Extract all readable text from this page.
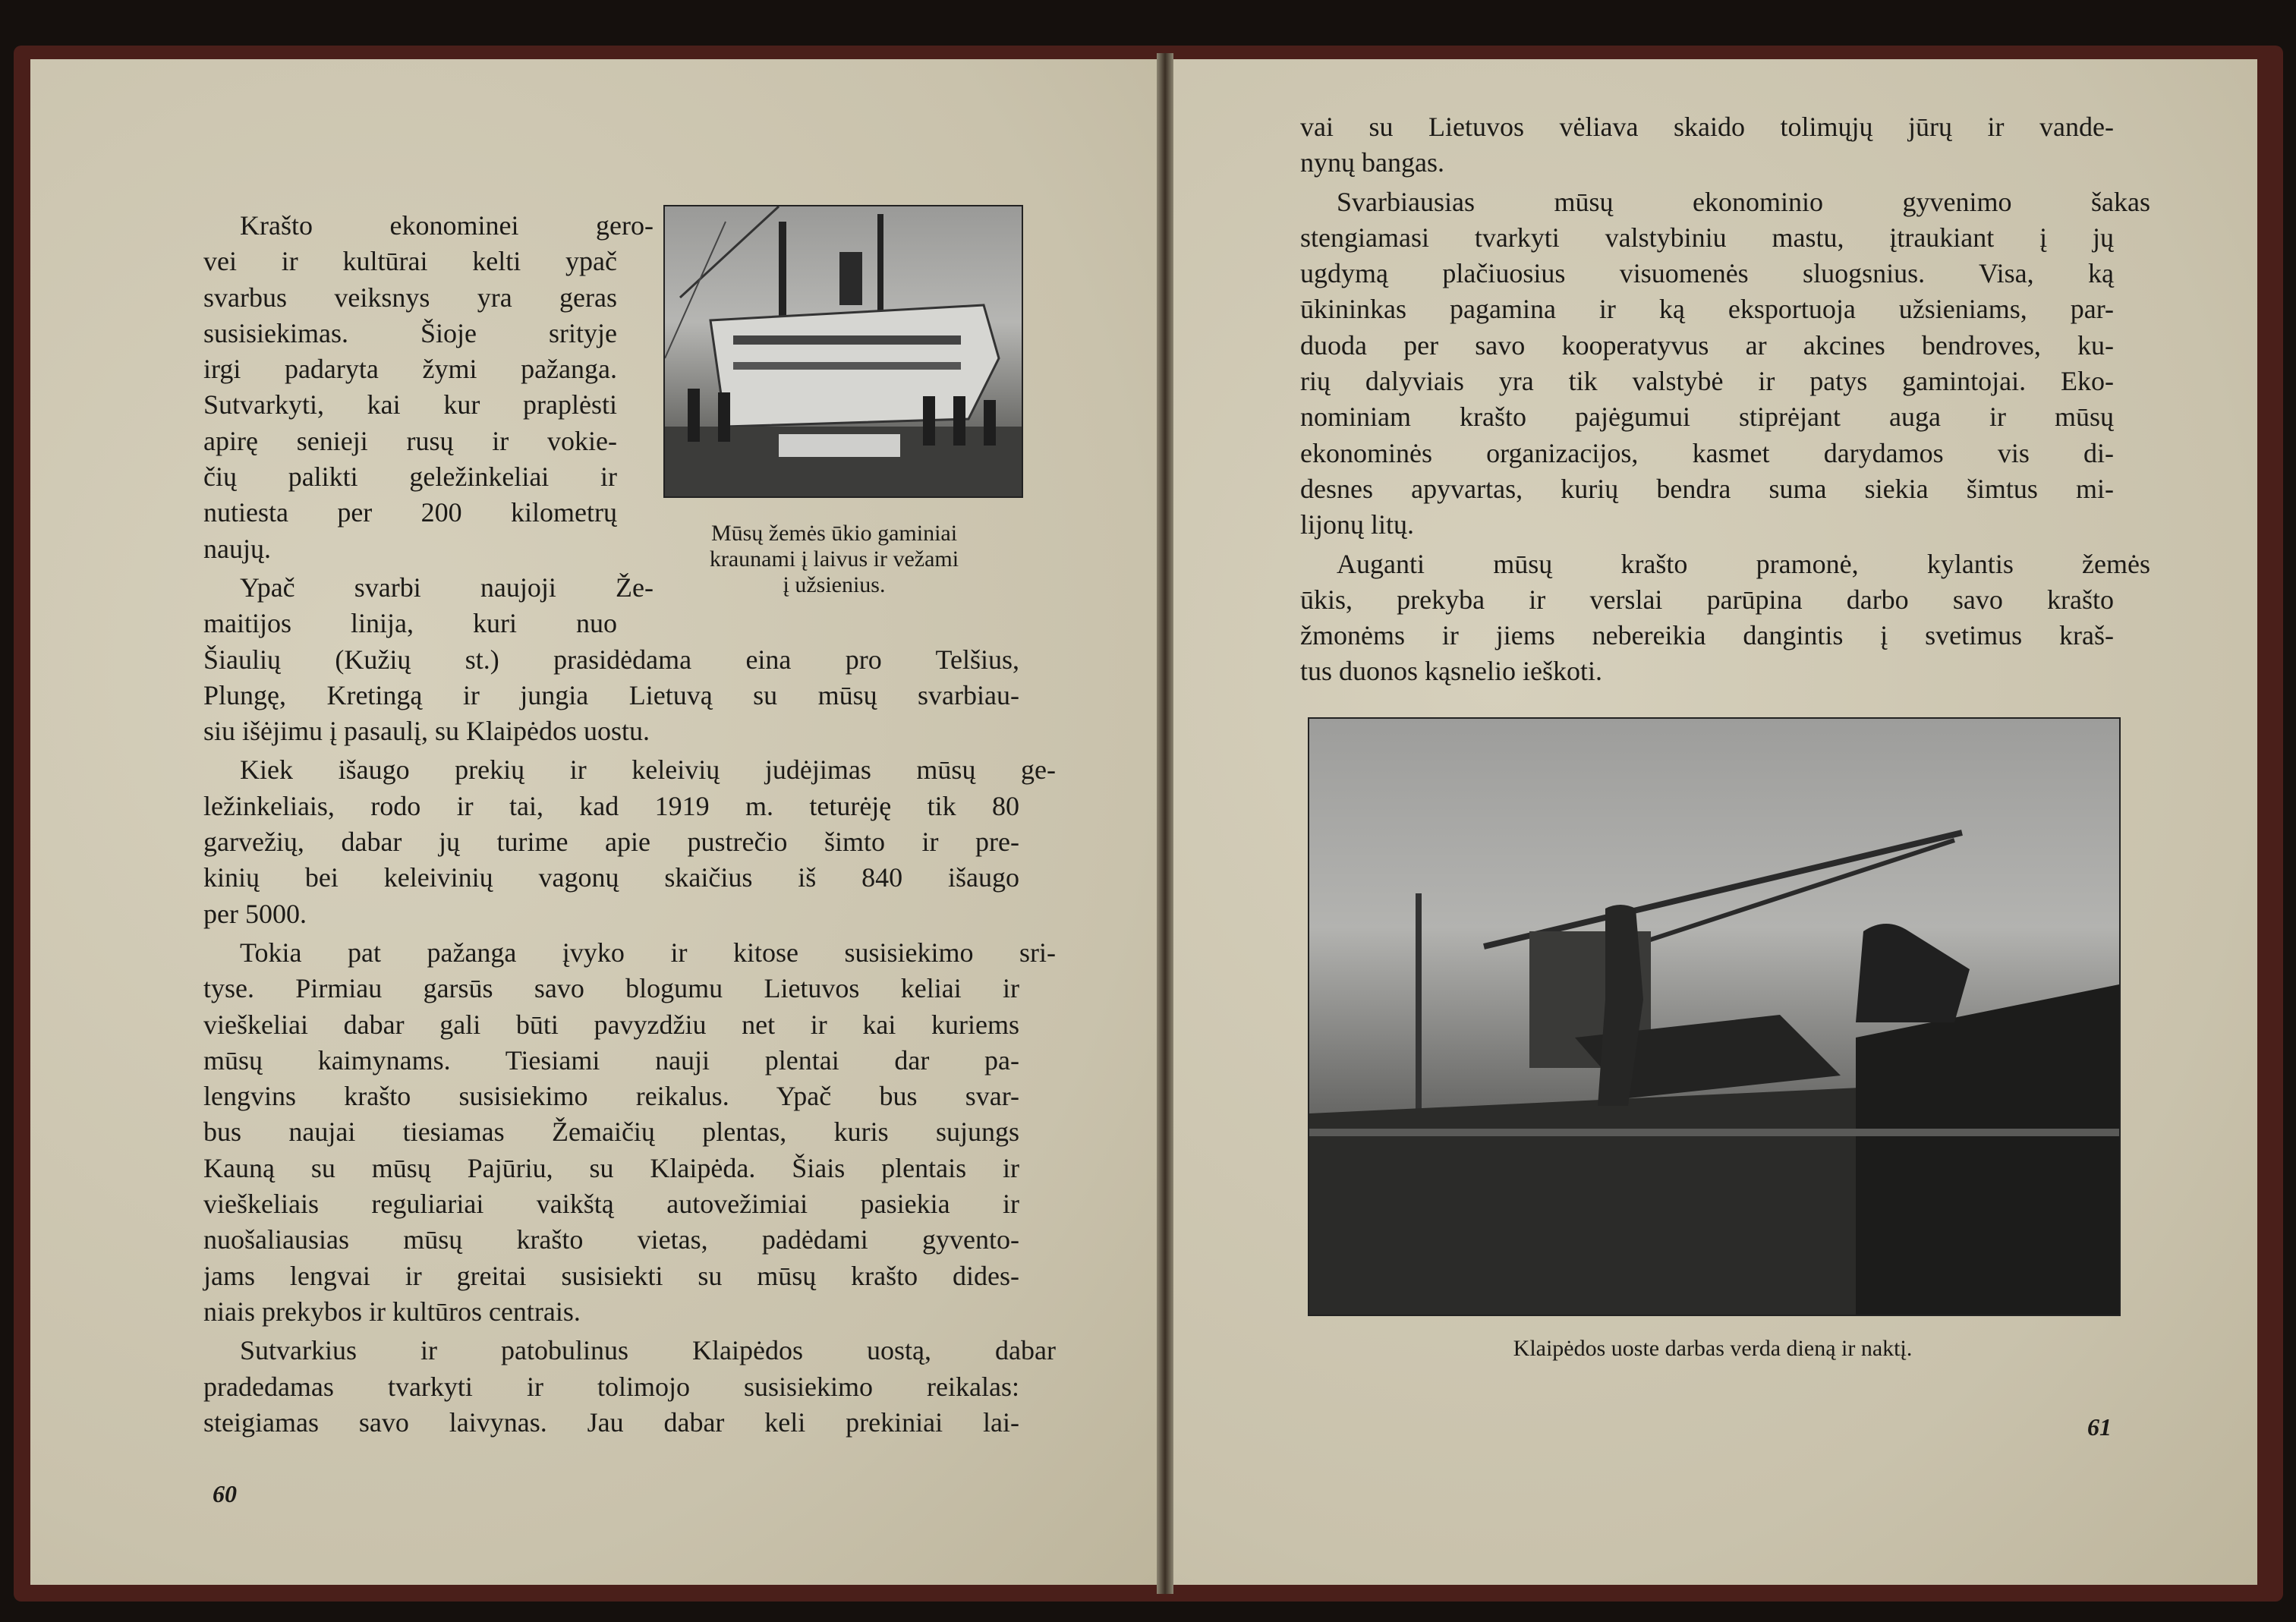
Krašto ekonominei gero-
vei ir kultūrai kelti ypač
svarbus veiksnys yra geras
susisiekimas. Šioje srityje
irgi padaryta žymi pažanga.
Sutvarkyti, kai kur praplėsti
apirę senieji rusų ir vokie-
čių palikti geležinkeliai ir
nutiesta per 200 kilometrų
naujų.
Ypač svarbi naujoji Že-
maitijos linija, kuri nuo
Šiaulių (Kužių st.) prasidėdama eina pro Telšius,
Plungę, Kretingą ir jungia Lietuvą su mūsų svarbiau-
siu išėjimu į pasaulį, su Klaipėdos uostu.
Kiek išaugo prekių ir keleivių judėjimas mūsų ge-
ležinkeliais, rodo ir tai, kad 1919 m. teturėję tik 80
garvežių, dabar jų turime apie pustrečio šimto ir pre-
kinių bei keleivinių vagonų skaičius iš 840 išaugo
per 5000.
Tokia pat pažanga įvyko ir kitose susisiekimo sri-
tyse. Pirmiau garsūs savo blogumu Lietuvos keliai ir
vieškeliai dabar gali būti pavyzdžiu net ir kai kuriems
mūsų kaimynams. Tiesiami nauji plentai dar pa-
lengvins krašto susisiekimo reikalus. Ypač bus svar-
bus naujai tiesiamas Žemaičių plentas, kuris sujungs
Kauną su mūsų Pajūriu, su Klaipėda. Šiais plentais ir
vieškeliais reguliariai vaikštą autovežimiai pasiekia ir
nuošaliausias mūsų krašto vietas, padėdami gyvento-
jams lengvai ir greitai susisiekti su mūsų krašto dides-
niais prekybos ir kultūros centrais.
Sutvarkius ir patobulinus Klaipėdos uostą, dabar
pradedamas tvarkyti ir tolimojo susisiekimo reikalas:
steigiamas savo laivynas. Jau dabar keli prekiniai lai-
Mūsų žemės ūkio gaminiai
kraunami į laivus ir vežami
į užsienius.
60
vai su Lietuvos vėliava skaido tolimųjų jūrų ir vande-
nynų bangas.
Svarbiausias mūsų ekonominio gyvenimo šakas
stengiamasi tvarkyti valstybiniu mastu, įtraukiant į jų
ugdymą plačiuosius visuomenės sluogsnius. Visa, ką
ūkininkas pagamina ir ką eksportuoja užsieniams, par-
duoda per savo kooperatyvus ar akcines bendroves, ku-
rių dalyviais yra tik valstybė ir patys gamintojai. Eko-
nominiam krašto pajėgumui stiprėjant auga ir mūsų
ekonominės organizacijos, kasmet darydamos vis di-
desnes apyvartas, kurių bendra suma siekia šimtus mi-
lijonų litų.
Auganti mūsų krašto pramonė, kylantis žemės
ūkis, prekyba ir verslai parūpina darbo savo krašto
žmonėms ir jiems nebereikia dangintis į svetimus kraš-
tus duonos kąsnelio ieškoti.
Klaipėdos uoste darbas verda dieną ir naktį.
61
